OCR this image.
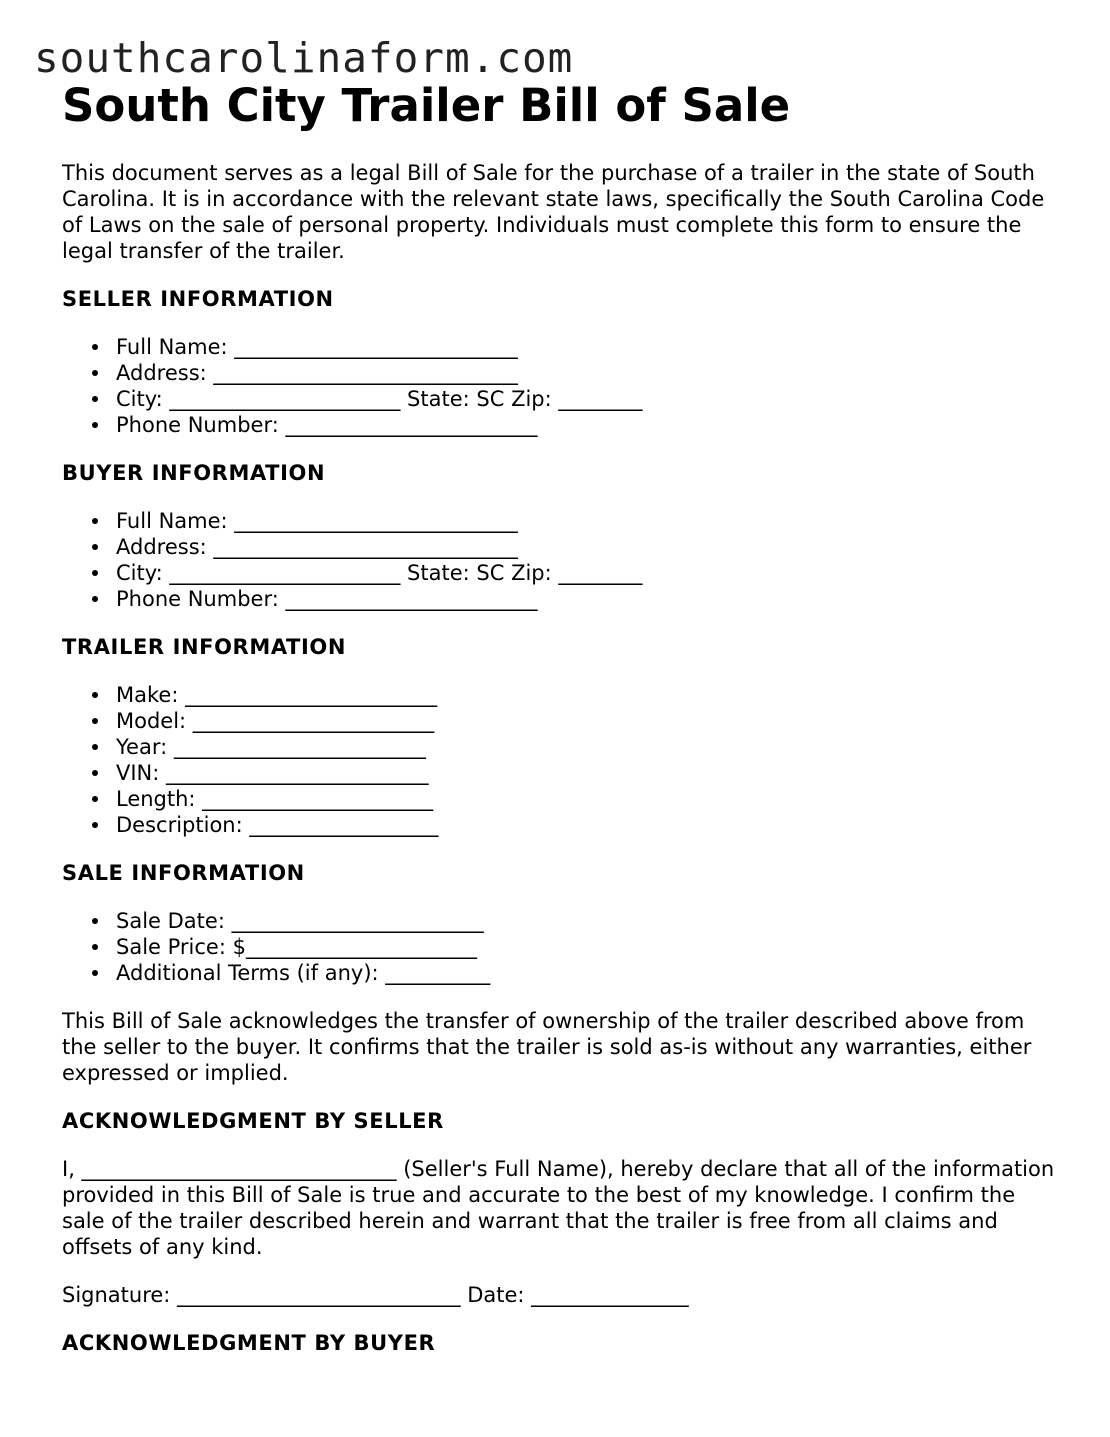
southcarolinaform.com
South City Trailer Bill of Sale

This document serves as a legal Bill of Sale for the purchase of a trailer in the state of South Carolina. It is in accordance with the relevant state laws, specifically the South Carolina Code of Laws on the sale of personal property. Individuals must complete this form to ensure the legal transfer of the trailer.

SELLER INFORMATION
Full Name: ___________________________
Address: _____________________________
City: ______________________ State: SC Zip: ________
Phone Number: ________________________
BUYER INFORMATION
Full Name: ___________________________
Address: _____________________________
City: ______________________ State: SC Zip: ________
Phone Number: ________________________
TRAILER INFORMATION
Make: ________________________
Model: _______________________
Year: ________________________
VIN: _________________________
Length: ______________________
Description: __________________
SALE INFORMATION
Sale Date: ________________________
Sale Price: $______________________
Additional Terms (if any): __________

This Bill of Sale acknowledges the transfer of ownership of the trailer described above from the seller to the buyer. It confirms that the trailer is sold as-is without any warranties, either expressed or implied.

ACKNOWLEDGMENT BY SELLER

I, ______________________________ (Seller's Full Name), hereby declare that all of the information provided in this Bill of Sale is true and accurate to the best of my knowledge. I confirm the sale of the trailer described herein and warrant that the trailer is free from all claims and offsets of any kind.

Signature: ___________________________ Date: _______________

ACKNOWLEDGMENT BY BUYER
